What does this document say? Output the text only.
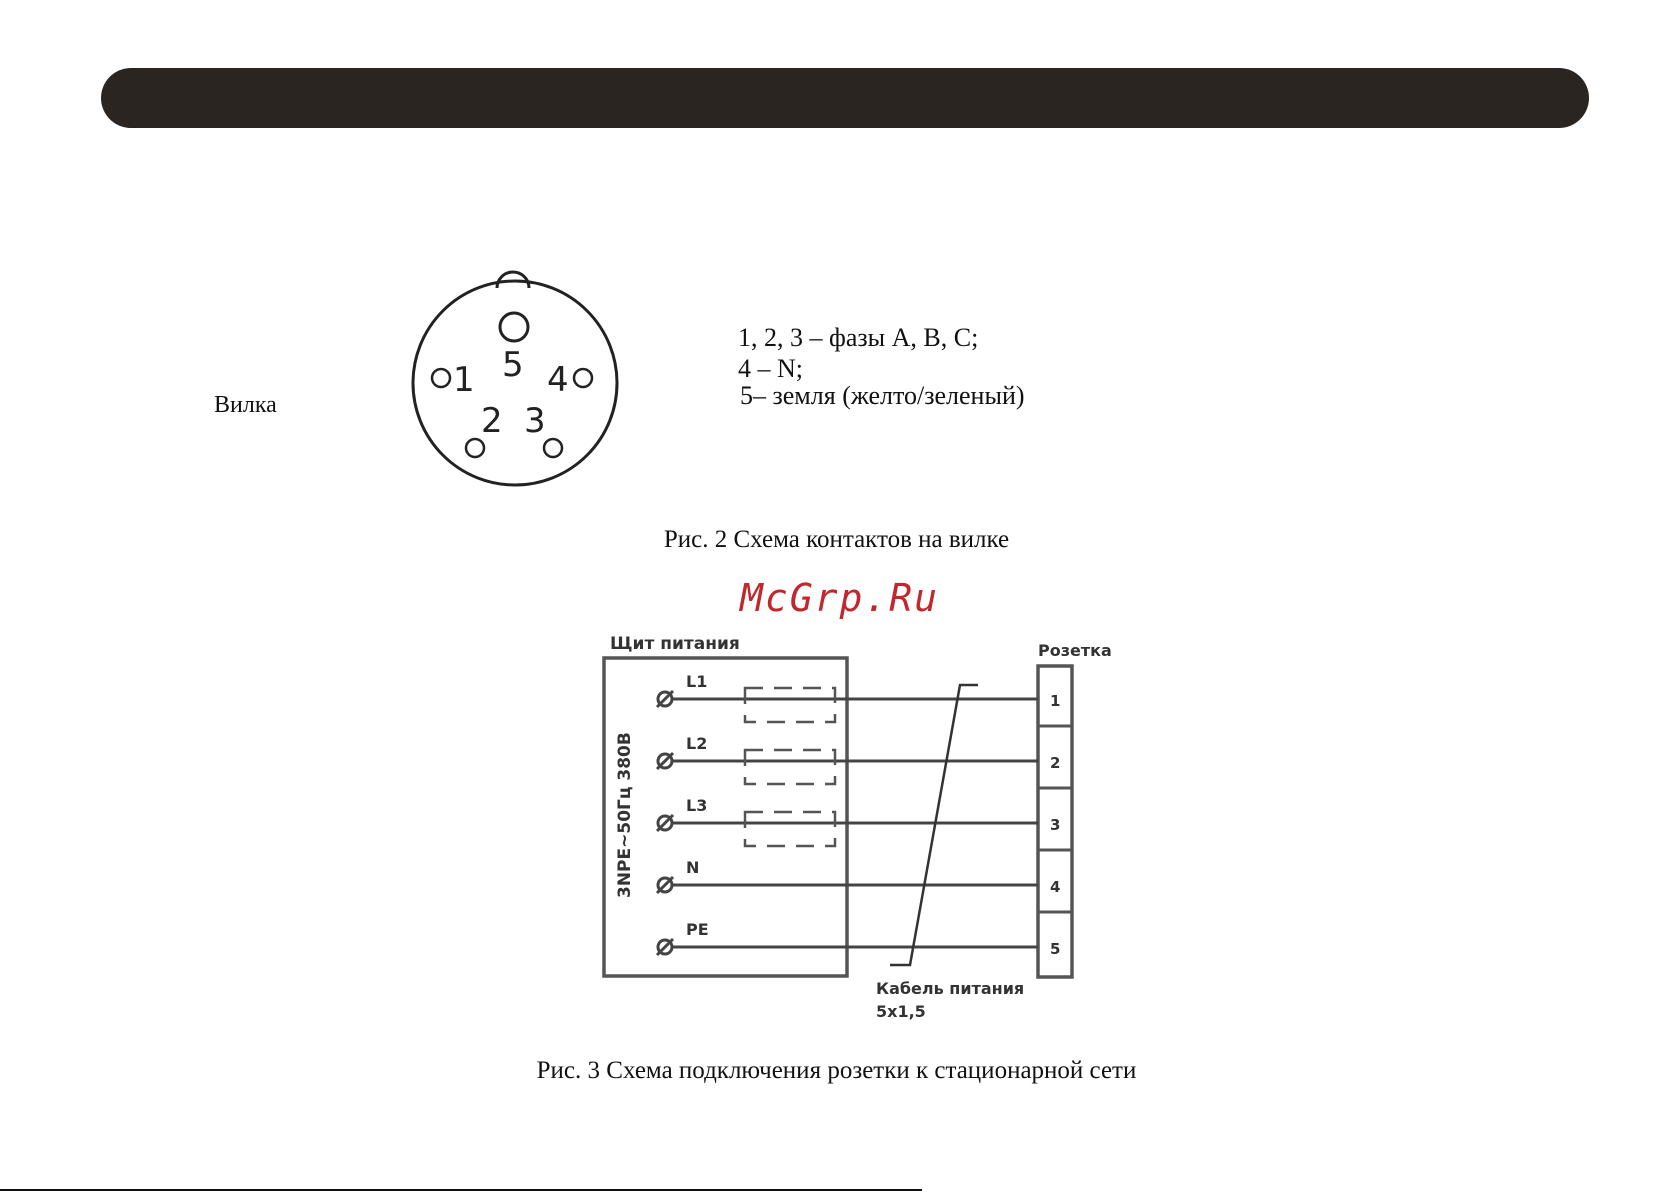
Вилка
5
1 4
2 3
1, 2, 3 – фазы А, В, С;
4 – N;
5– земля (желто/зеленый)
Рис. 2 Схема контактов на вилке
McGrp.Ru
Щит питания
3NPE~50Гц 380В
Розетка
1
2
3
4
5
L1
L2
L3
N
PE
Кабель питания
5х1,5
Рис. 3 Схема подключения розетки к стационарной сети
